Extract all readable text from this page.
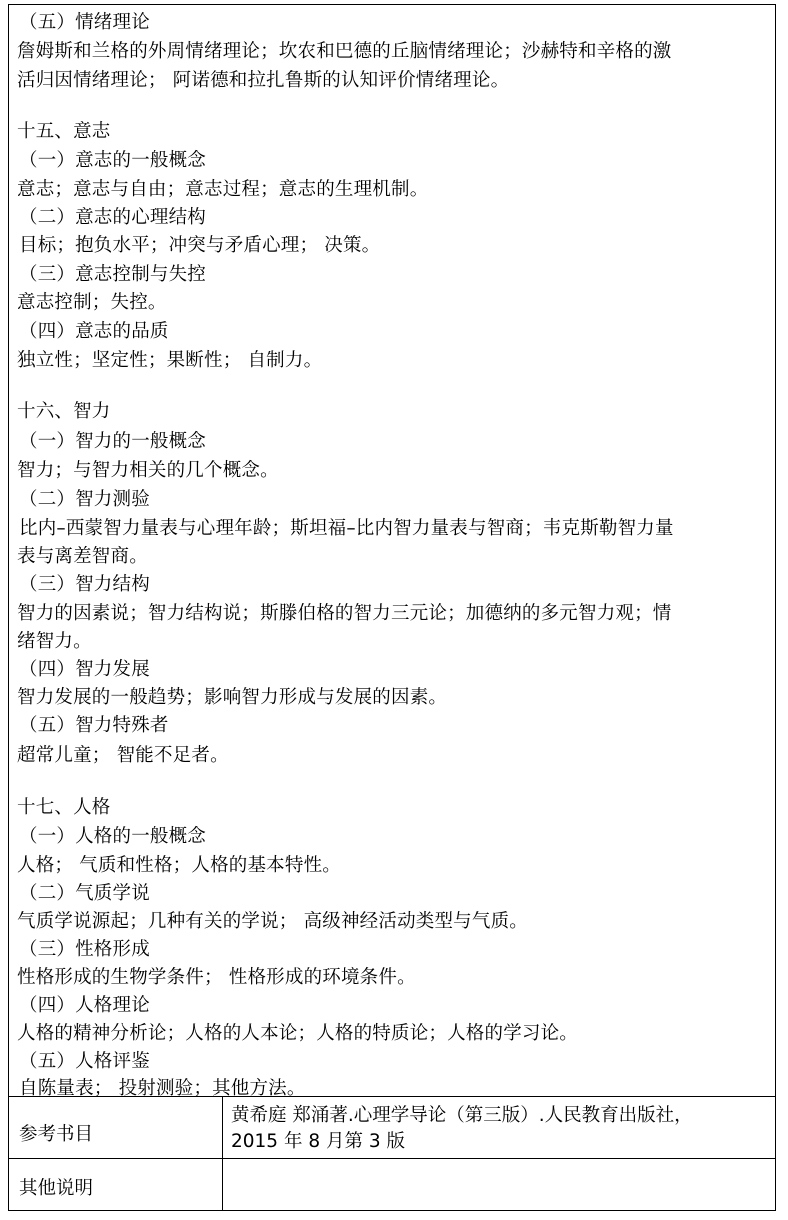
（五）情绪理论
詹姆斯和兰格的外周情绪理论；坎农和巴德的丘脑情绪理论；沙赫特和辛格的激
活归因情绪理论； 阿诺德和拉扎鲁斯的认知评价情绪理论。
十五、意志
（一）意志的一般概念
意志；意志与自由；意志过程；意志的生理机制。
（二）意志的心理结构
目标；抱负水平；冲突与矛盾心理； 决策。
（三）意志控制与失控
意志控制；失控。
（四）意志的品质
独立性；坚定性；果断性； 自制力。
十六、智力
（一）智力的一般概念
智力；与智力相关的几个概念。
（二）智力测验
比内–西蒙智力量表与心理年龄；斯坦福–比内智力量表与智商；韦克斯勒智力量
表与离差智商。
（三）智力结构
智力的因素说；智力结构说；斯滕伯格的智力三元论；加德纳的多元智力观；情
绪智力。
（四）智力发展
智力发展的一般趋势；影响智力形成与发展的因素。
（五）智力特殊者
超常儿童； 智能不足者。
十七、人格
（一）人格的一般概念
人格； 气质和性格；人格的基本特性。
（二）气质学说
气质学说源起；几种有关的学说； 高级神经活动类型与气质。
（三）性格形成
性格形成的生物学条件； 性格形成的环境条件。
（四）人格理论
人格的精神分析论；人格的人本论；人格的特质论；人格的学习论。
（五）人格评鉴
自陈量表； 投射测验；其他方法。
参考书目
黄希庭 郑涌著.心理学导论（第三版）.人民教育出版社，
2015 年 8 月第 3 版
其他说明
